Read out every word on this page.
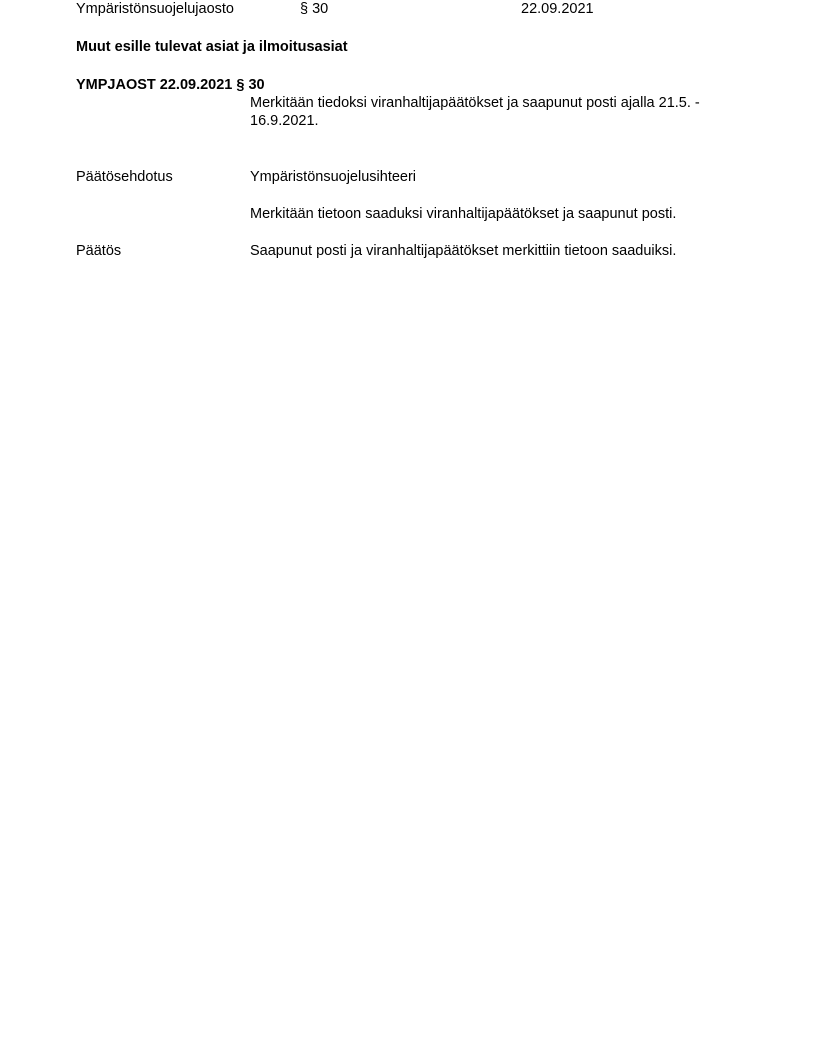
Ympäristönsuojelujaosto	§ 30	22.09.2021
Muut esille tulevat asiat ja ilmoitusasiat
YMPJAOST 22.09.2021 § 30
Merkitään tiedoksi viranhaltijapäätökset ja saapunut posti ajalla 21.5. - 16.9.2021.
Päätösehdotus	Ympäristönsuojelusihteeri
Merkitään tietoon saaduksi viranhaltijapäätökset ja saapunut posti.
Päätös	Saapunut posti ja viranhaltijapäätökset merkittiin tietoon saaduiksi.
